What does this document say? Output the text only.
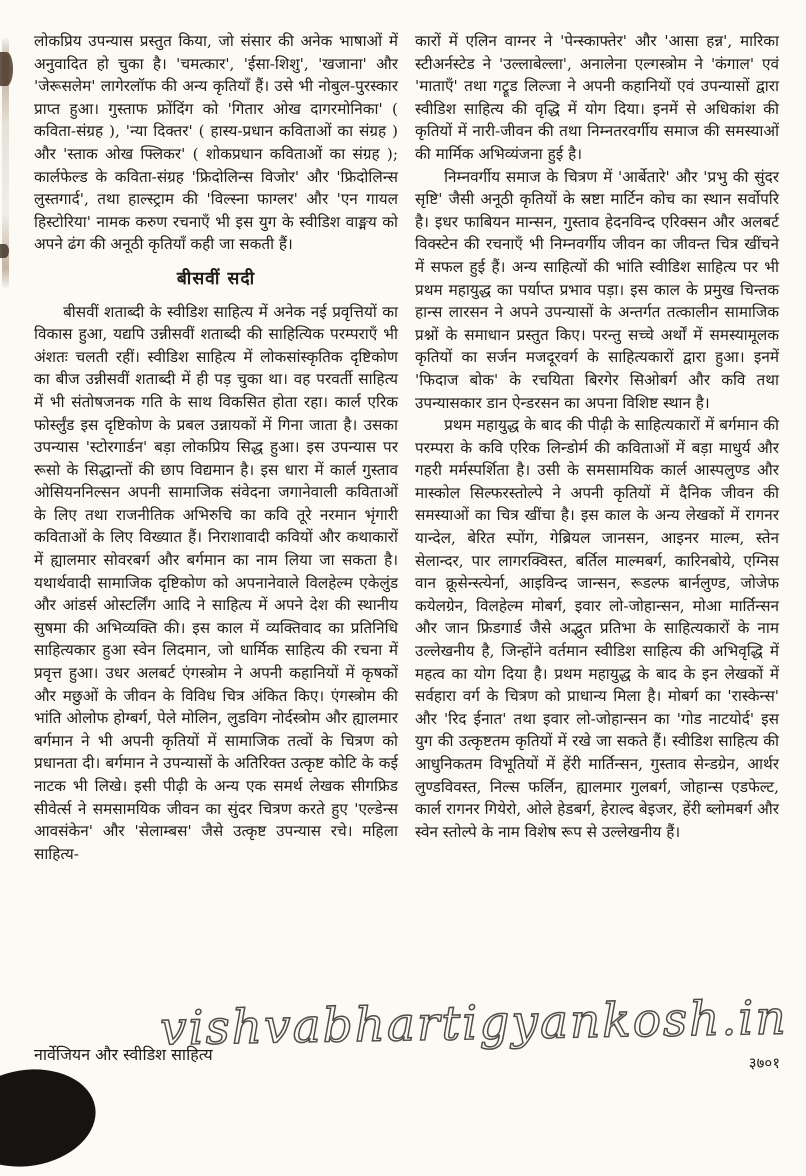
लोकप्रिय उपन्यास प्रस्तुत किया, जो संसार की अनेक भाषाओं में अनुवादित हो चुका है। 'चमत्कार', 'ईसा-शिशु', 'खजाना' और 'जेरूसलेम' लागेरलॉफ की अन्य कृतियाँ हैं। उसे भी नोबुल-पुरस्कार प्राप्त हुआ। गुस्ताफ फ्रोंदिंग को 'गितार ओख दागरमोनिका' ( कविता-संग्रह ), 'न्या दिक्तर' ( हास्य-प्रधान कविताओं का संग्रह ) और 'स्ताक ओख फ्लिकर' ( शोकप्रधान कविताओं का संग्रह ); कार्लफेल्ड के कविता-संग्रह 'फ्रिदोलिन्स विजोर' और 'फ्रिदोलिन्स लुस्तगार्द', तथा हाल्स्ट्राम की 'विल्स्ना फाग्लर' और 'एन गायल हिस्टोरिया' नामक करुण रचनाएँ भी इस युग के स्वीडिश वाङ्मय को अपने ढंग की अनूठी कृतियाँ कही जा सकती हैं।

बीसवीं सदी

बीसवीं शताब्दी के स्वीडिश साहित्य में अनेक नई प्रवृत्तियों का विकास हुआ, यद्यपि उन्नीसवीं शताब्दी की साहित्यिक परम्पराएँ भी अंशतः चलती रहीं। स्वीडिश साहित्य में लोकसांस्कृतिक दृष्टिकोण का बीज उन्नीसवीं शताब्दी में ही पड़ चुका था। वह परवर्ती साहित्य में भी संतोषजनक गति के साथ विकसित होता रहा। कार्ल एरिक फोर्स्लुंड इस दृष्टिकोण के प्रबल उन्नायकों में गिना जाता है। उसका उपन्यास 'स्टोरगार्डन' बड़ा लोकप्रिय सिद्ध हुआ। इस उपन्यास पर रूसो के सिद्धान्तों की छाप विद्यमान है। इस धारा में कार्ल गुस्ताव ओसियननिल्सन अपनी सामाजिक संवेदना जगानेवाली कविताओं के लिए तथा राजनीतिक अभिरुचि का कवि तूरे नरमान भृंगारी कविताओं के लिए विख्यात हैं। निराशावादी कवियों और कथाकारों में ह्यालमार सोवरबर्ग और बर्गमान का नाम लिया जा सकता है। यथार्थवादी सामाजिक दृष्टिकोण को अपनानेवाले विलहेल्म एकेलुंड और आंडर्स ओस्टर्लिंग आदि ने साहित्य में अपने देश की स्थानीय सुषमा की अभिव्यक्ति की। इस काल में व्यक्तिवाद का प्रतिनिधि साहित्यकार हुआ स्वेन लिदमान, जो धार्मिक साहित्य की रचना में प्रवृत्त हुआ। उधर अलबर्ट एंगस्त्रोम ने अपनी कहानियों में कृषकों और मछुओं के जीवन के विविध चित्र अंकित किए। एंगस्त्रोम की भांति ओलोफ होग्बर्ग, पेले मोलिन, लुडविग नोर्दस्त्रोम और ह्यालमार बर्गमान ने भी अपनी कृतियों में सामाजिक तत्वों के चित्रण को प्रधानता दी। बर्गमान ने उपन्यासों के अतिरिक्त उत्कृष्ट कोटि के कई नाटक भी लिखे। इसी पीढ़ी के अन्य एक समर्थ लेखक सीगफ्रिड सीवेर्त्स ने समसामयिक जीवन का सुंदर चित्रण करते हुए 'एल्डेन्स आवसंकेन' और 'सेलाम्बस' जैसे उत्कृष्ट उपन्यास रचे। महिला साहित्य-

कारों में एलिन वाग्नर ने 'पेन्स्काफ्तेर' और 'आसा हन्न', मारिका स्टीअर्नस्टेड ने 'उल्लाबेल्ला', अनालेना एल्गस्त्रोम ने 'कंगाल' एवं 'माताएँ' तथा गट्रूड लिल्जा ने अपनी कहानियों एवं उपन्यासों द्वारा स्वीडिश साहित्य की वृद्धि में योग दिया। इनमें से अधिकांश की कृतियों में नारी-जीवन की तथा निम्नतरवर्गीय समाज की समस्याओं की मार्मिक अभिव्यंजना हुई है।

निम्नवर्गीय समाज के चित्रण में 'आर्बेतारे' और 'प्रभु की सुंदर सृष्टि' जैसी अनूठी कृतियों के स्रष्टा मार्टिन कोच का स्थान सर्वोपरि है। इधर फाबियन मान्सन, गुस्ताव हेदनविन्द एरिक्सन और अलबर्ट विक्स्टेन की रचनाएँ भी निम्नवर्गीय जीवन का जीवन्त चित्र खींचने में सफल हुई हैं। अन्य साहित्यों की भांति स्वीडिश साहित्य पर भी प्रथम महायुद्ध का पर्याप्त प्रभाव पड़ा। इस काल के प्रमुख चिन्तक हान्स लारसन ने अपने उपन्यासों के अन्तर्गत तत्कालीन सामाजिक प्रश्नों के समाधान प्रस्तुत किए। परन्तु सच्चे अर्थों में समस्यामूलक कृतियों का सर्जन मजदूरवर्ग के साहित्यकारों द्वारा हुआ। इनमें 'फिदाज बोक' के रचयिता बिरगेर सिओबर्ग और कवि तथा उपन्यासकार डान ऐन्डरसन का अपना विशिष्ट स्थान है।

प्रथम महायुद्ध के बाद की पीढ़ी के साहित्यकारों में बर्गमान की परम्परा के कवि एरिक लिन्डोर्म की कविताओं में बड़ा माधुर्य और गहरी मर्मस्पर्शिता है। उसी के समसामयिक कार्ल आस्पलुण्ड और मास्कोल सिल्फरस्तोल्पे ने अपनी कृतियों में दैनिक जीवन की समस्याओं का चित्र खींचा है। इस काल के अन्य लेखकों में रागनर यान्देल, बेरित स्पोंग, गेब्रियल जानसन, आइनर माल्म, स्तेन सेलान्दर, पार लागरक्विस्त, बर्तिल माल्मबर्ग, कारिनबोये, एग्निस वान क्रूसेन्स्त्येर्ना, आइविन्द जान्सन, रूडल्फ बार्नलुण्ड, जोजेफ कयेलग्रेन, विलहेल्म मोबर्ग, इवार लो-जोहान्सन, मोआ मार्तिन्सन और जान फ्रिडगार्ड जैसे अद्भुत प्रतिभा के साहित्यकारों के नाम उल्लेखनीय है, जिन्होंने वर्तमान स्वीडिश साहित्य की अभिवृद्धि में महत्व का योग दिया है। प्रथम महायुद्ध के बाद के इन लेखकों में सर्वहारा वर्ग के चित्रण को प्राधान्य मिला है। मोबर्ग का 'रास्केन्स' और 'रिद ईनात' तथा इवार लो-जोहान्सन का 'गोड नाटयोर्द' इस युग की उत्कृष्टतम कृतियों में रखे जा सकते हैं। स्वीडिश साहित्य की आधुनिकतम विभूतियों में हेंरी मार्तिन्सन, गुस्ताव सेन्डग्रेन, आर्थर लुण्डविवस्त, निल्स फर्लिन, ह्यालमार गुलबर्ग, जोहान्स एडफेल्ट, कार्ल रागनर गियेरो, ओले हेडबर्ग, हेराल्द बेइजर, हेंरी ब्लोमबर्ग और स्वेन स्तोल्पे के नाम विशेष रूप से उल्लेखनीय हैं।

नार्वेजियन और स्वीडिश साहित्य	३७०१
vishvabhartigyankosh.in
